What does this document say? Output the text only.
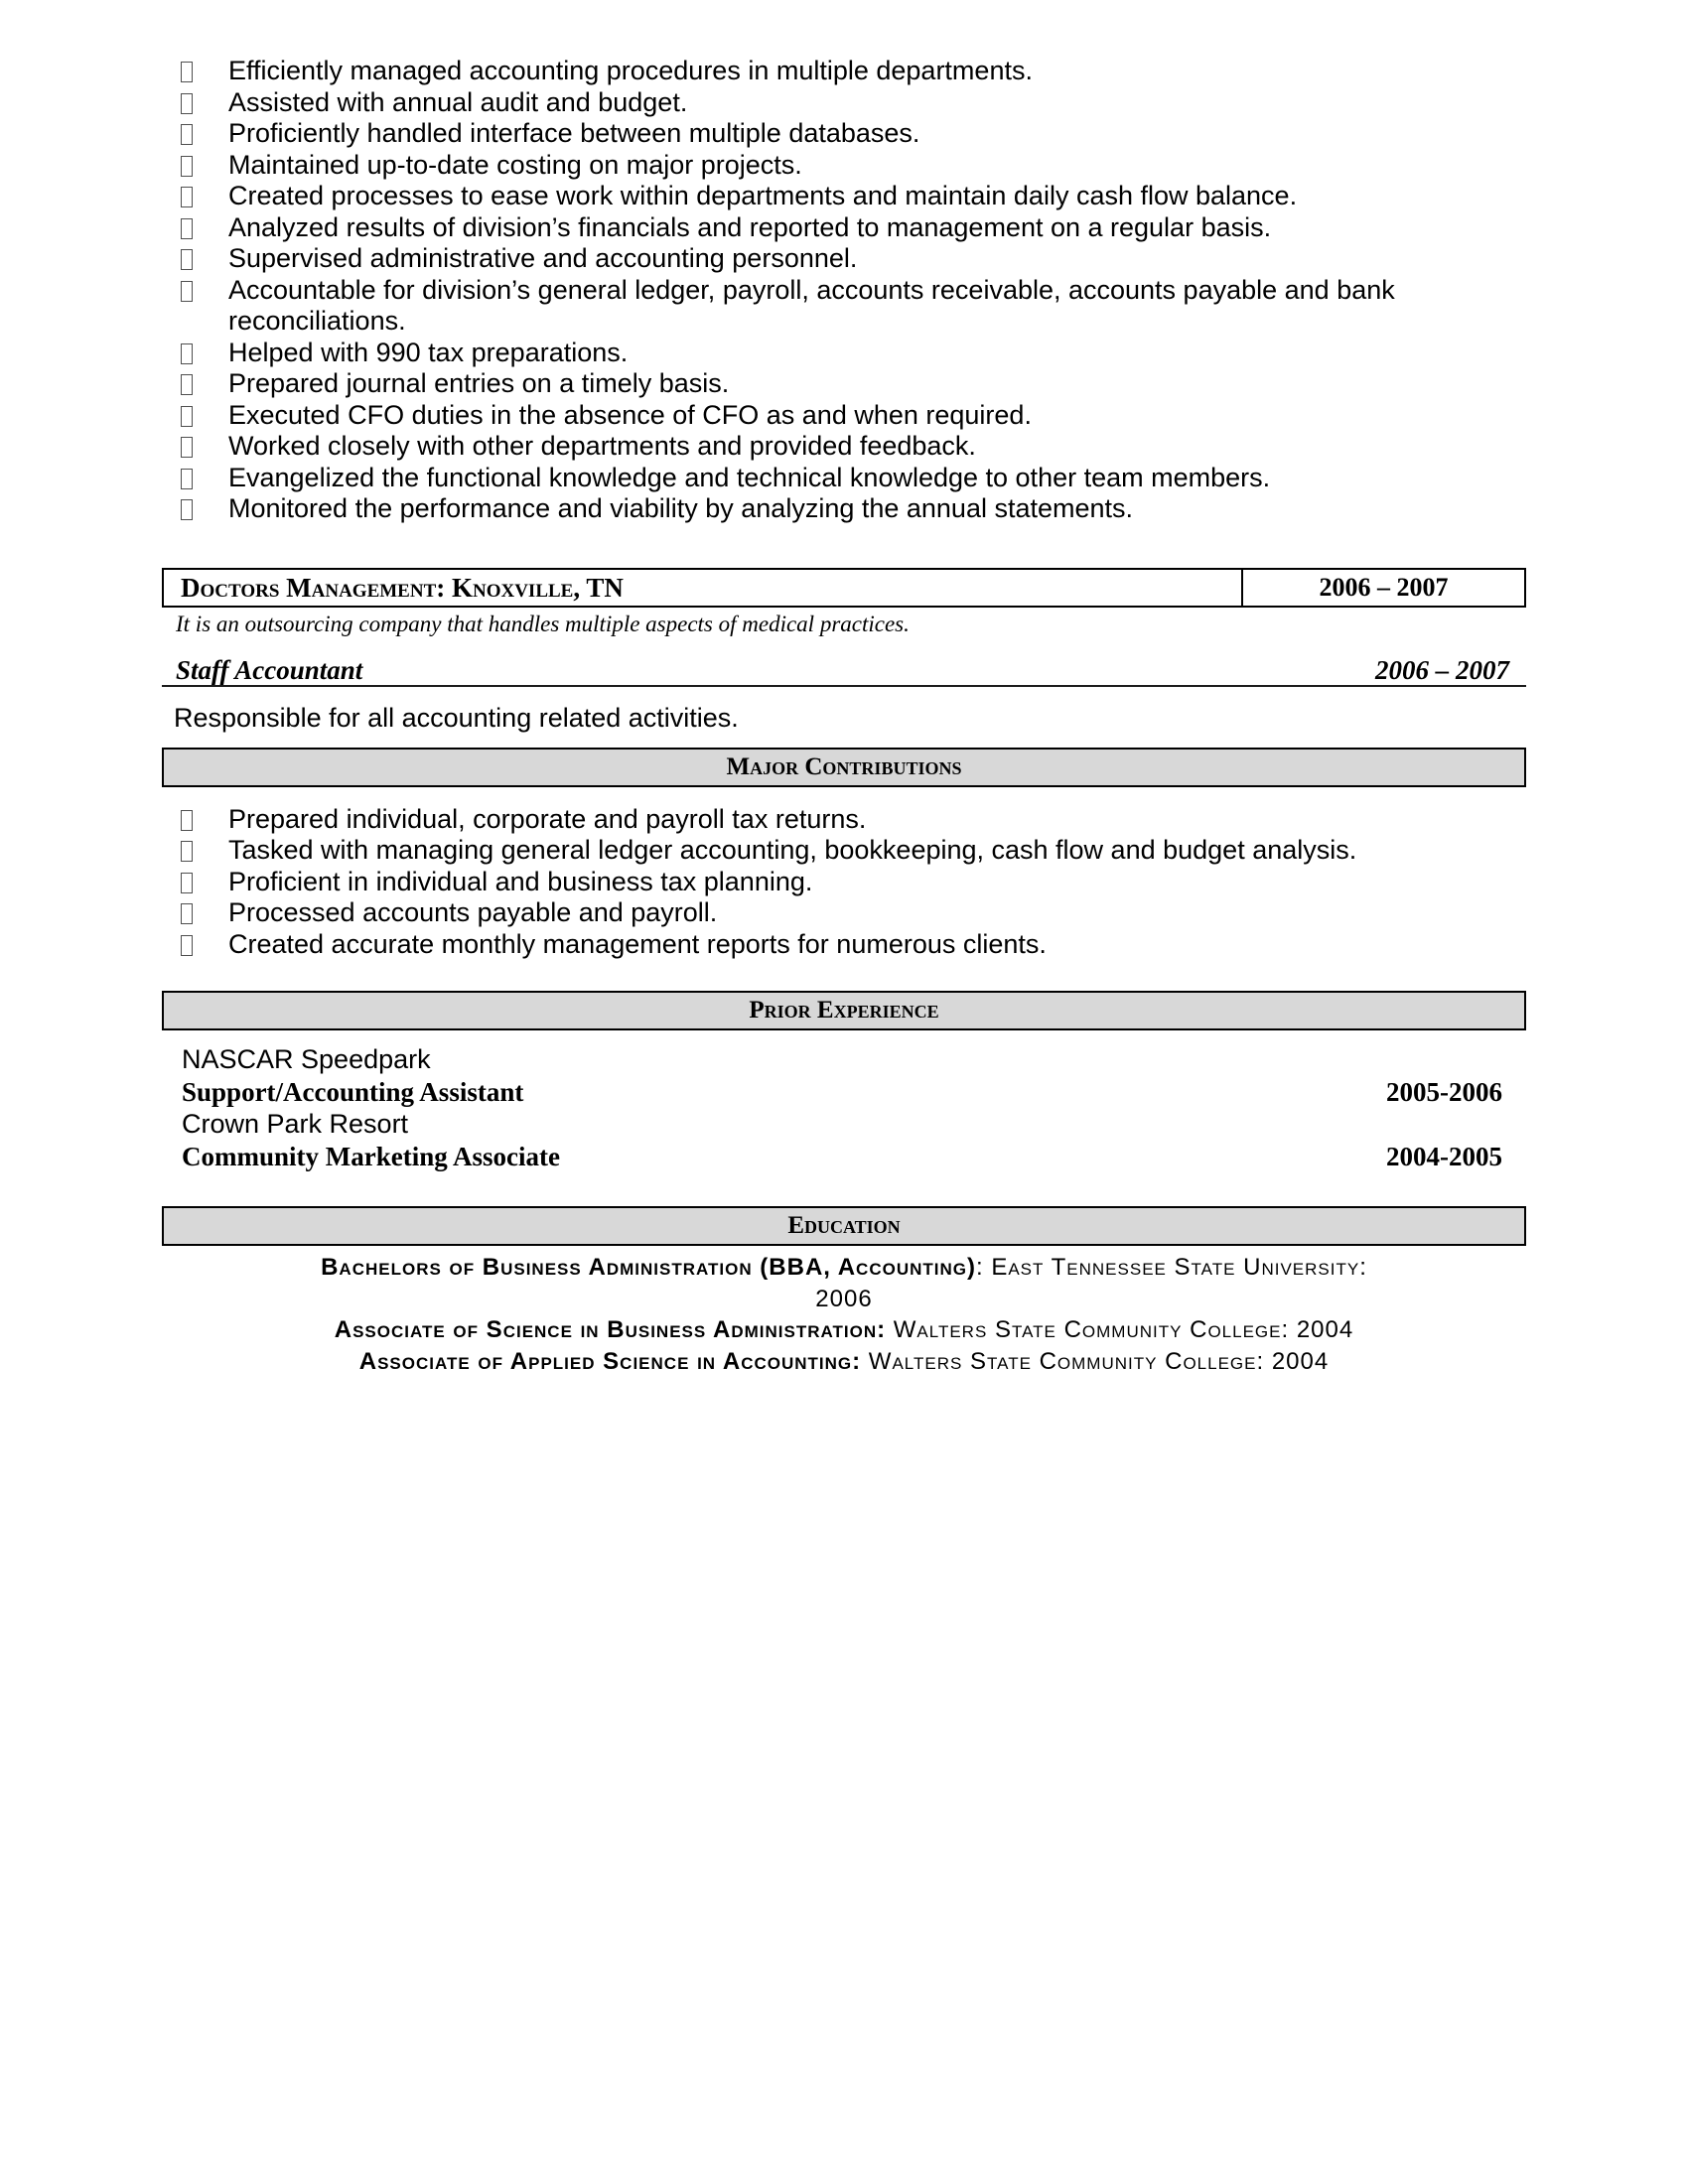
Efficiently managed accounting procedures in multiple departments.
Assisted with annual audit and budget.
Proficiently handled interface between multiple databases.
Maintained up-to-date costing on major projects.
Created processes to ease work within departments and maintain daily cash flow balance.
Analyzed results of division’s financials and reported to management on a regular basis.
Supervised administrative and accounting personnel.
Accountable for division’s general ledger, payroll, accounts receivable, accounts payable and bank reconciliations.
Helped with 990 tax preparations.
Prepared journal entries on a timely basis.
Executed CFO duties in the absence of CFO as and when required.
Worked closely with other departments and provided feedback.
Evangelized the functional knowledge and technical knowledge to other team members.
Monitored the performance and viability by analyzing the annual statements.
Doctors Management: Knoxville, TN	2006 – 2007
It is an outsourcing company that handles multiple aspects of medical practices.
Staff Accountant	2006 – 2007
Responsible for all accounting related activities.
Major Contributions
Prepared individual, corporate and payroll tax returns.
Tasked with managing general ledger accounting, bookkeeping, cash flow and budget analysis.
Proficient in individual and business tax planning.
Processed accounts payable and payroll.
Created accurate monthly management reports for numerous clients.
Prior Experience
NASCAR Speedpark
Support/Accounting Assistant	2005-2006
Crown Park Resort
Community Marketing Associate	2004-2005
Education
Bachelors of Business Administration (BBA, Accounting): East Tennessee State University:
2006
Associate of Science in Business Administration: Walters State Community College: 2004
Associate of Applied Science in Accounting: Walters State Community College: 2004
